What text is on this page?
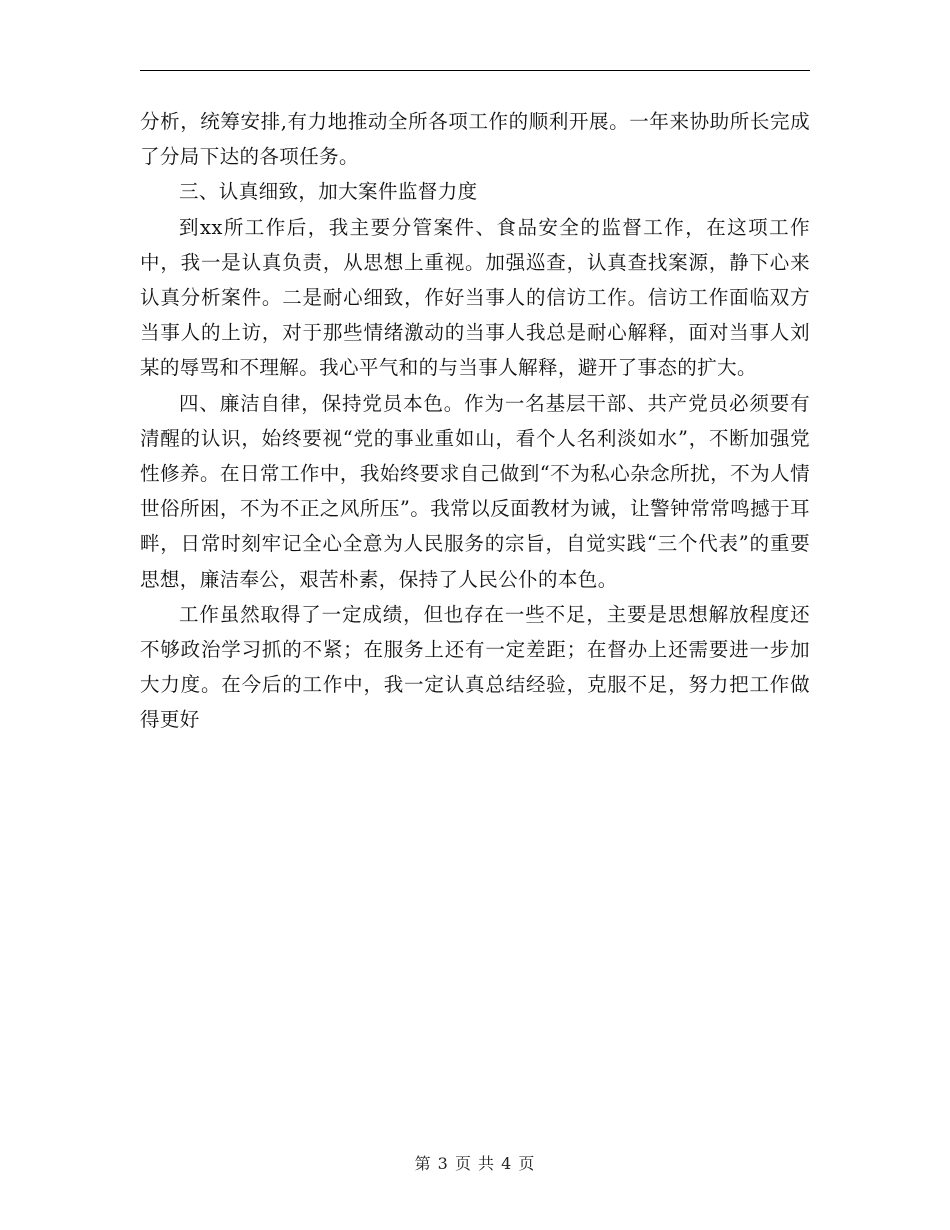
分析，统筹安排,有力地推动全所各项工作的顺利开展。一年来协助所长完成了分局下达的各项任务。

三、认真细致，加大案件监督力度

到xx所工作后，我主要分管案件、食品安全的监督工作，在这项工作中，我一是认真负责，从思想上重视。加强巡查，认真查找案源，静下心来认真分析案件。二是耐心细致，作好当事人的信访工作。信访工作面临双方当事人的上访，对于那些情绪激动的当事人我总是耐心解释，面对当事人刘某的辱骂和不理解。我心平气和的与当事人解释，避开了事态的扩大。

四、廉洁自律，保持党员本色。作为一名基层干部、共产党员必须要有清醒的认识，始终要视“党的事业重如山，看个人名利淡如水”，不断加强党性修养。在日常工作中，我始终要求自己做到“不为私心杂念所扰，不为人情世俗所困，不为不正之风所压”。我常以反面教材为诫，让警钟常常鸣撼于耳畔，日常时刻牢记全心全意为人民服务的宗旨，自觉实践“三个代表”的重要思想，廉洁奉公，艰苦朴素，保持了人民公仆的本色。

工作虽然取得了一定成绩，但也存在一些不足，主要是思想解放程度还不够政治学习抓的不紧；在服务上还有一定差距；在督办上还需要进一步加大力度。在今后的工作中，我一定认真总结经验，克服不足，努力把工作做得更好

第 3 页 共 4 页
